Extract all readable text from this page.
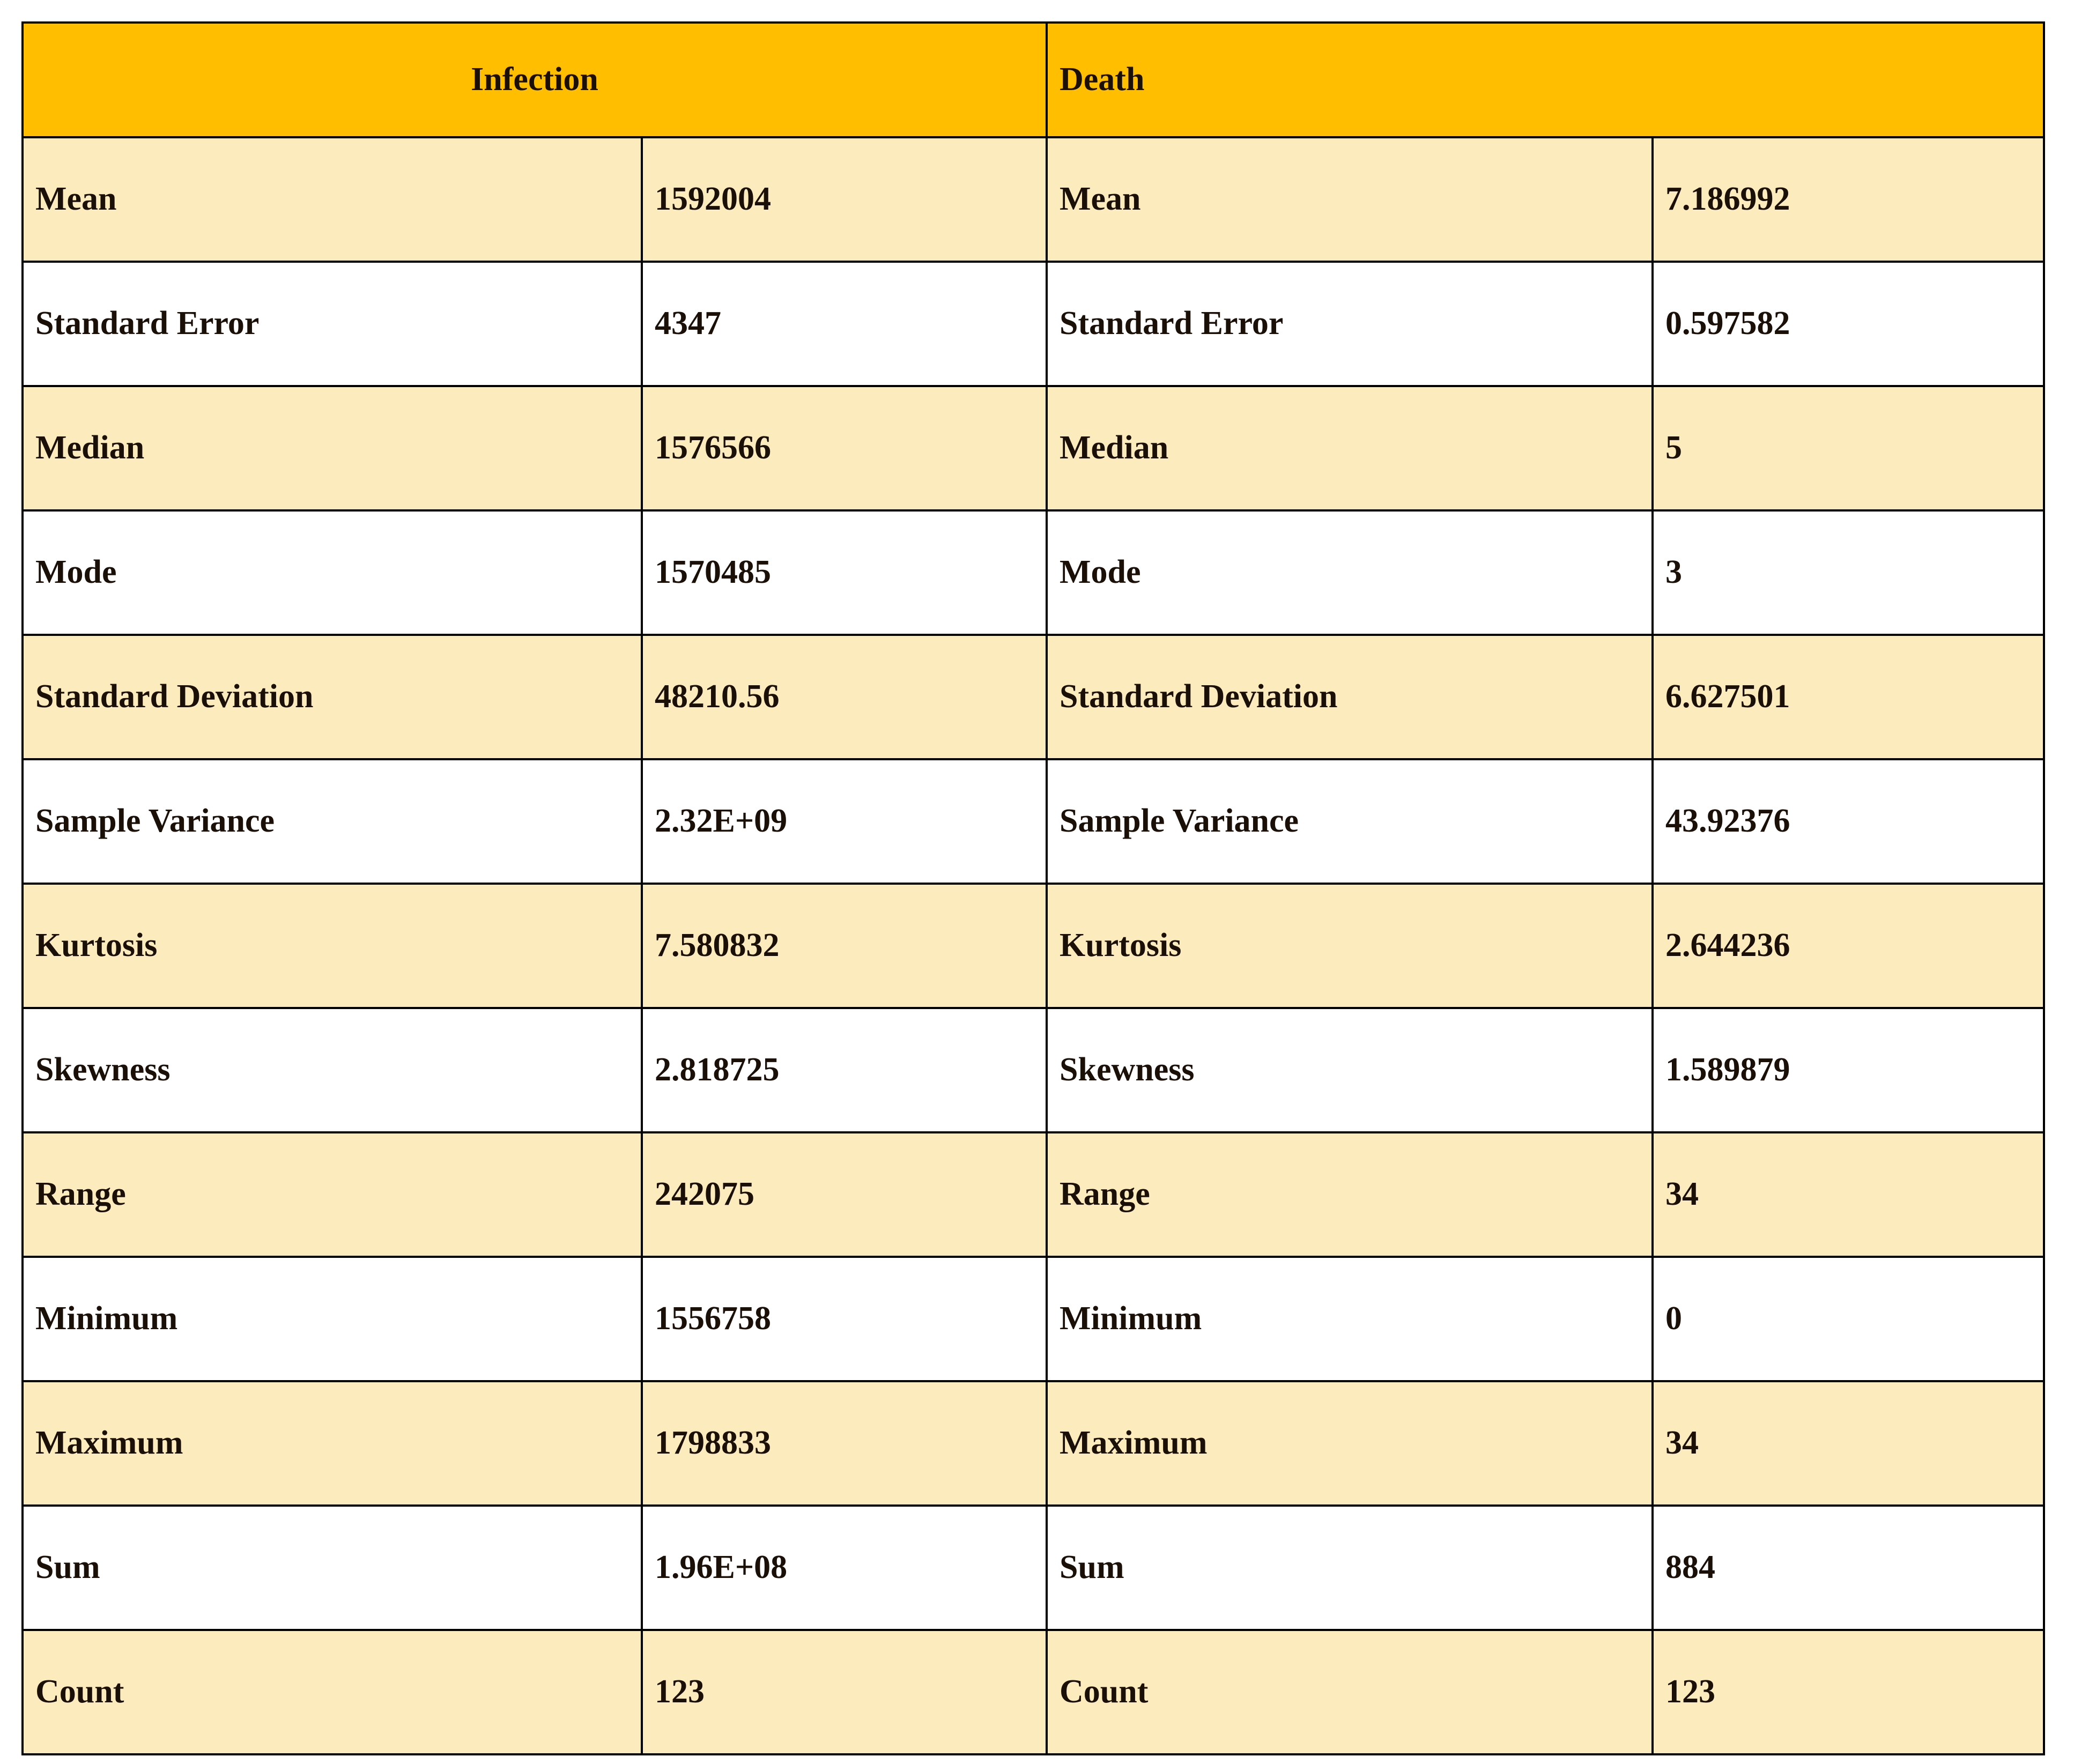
Infection		Death	
Mean	1592004	Mean	7.186992
Standard Error	4347	Standard Error	0.597582
Median	1576566	Median	5
Mode	1570485	Mode	3
Standard Deviation	48210.56	Standard Deviation	6.627501
Sample Variance	2.32E+09	Sample Variance	43.92376
Kurtosis	7.580832	Kurtosis	2.644236
Skewness	2.818725	Skewness	1.589879
Range	242075	Range	34
Minimum	1556758	Minimum	0
Maximum	1798833	Maximum	34
Sum	1.96E+08	Sum	884
Count	123	Count	123
